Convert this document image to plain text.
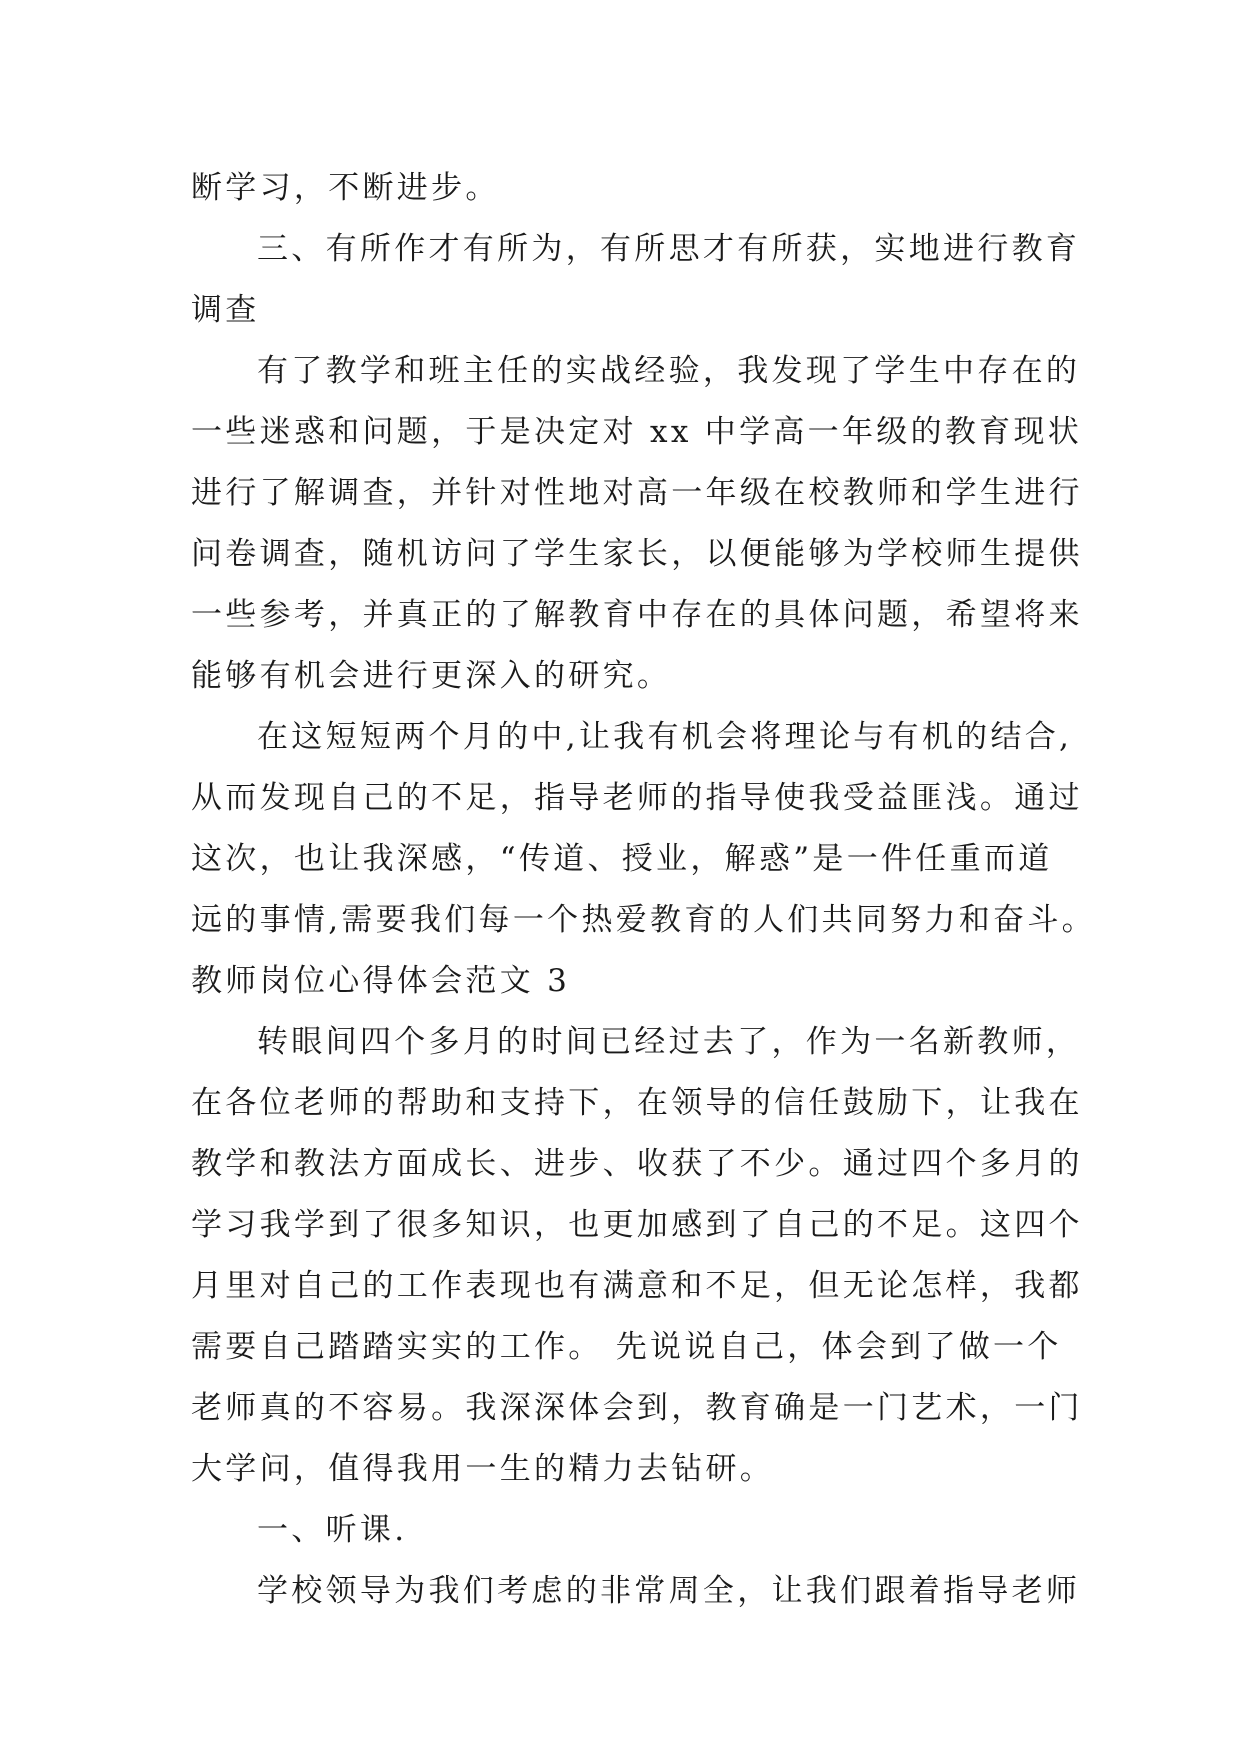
断学习，不断进步。
三、有所作才有所为，有所思才有所获，实地进行教育
调查
有了教学和班主任的实战经验，我发现了学生中存在的
一些迷惑和问题，于是决定对 xx 中学高一年级的教育现状
进行了解调查，并针对性地对高一年级在校教师和学生进行
问卷调查，随机访问了学生家长，以便能够为学校师生提供
一些参考，并真正的了解教育中存在的具体问题，希望将来
能够有机会进行更深入的研究。
在这短短两个月的中,让我有机会将理论与有机的结合,
从而发现自己的不足，指导老师的指导使我受益匪浅。通过
这次，也让我深感，“传道、授业，解惑”是一件任重而道
远的事情,需要我们每一个热爱教育的人们共同努力和奋斗。
教师岗位心得体会范文 3
转眼间四个多月的时间已经过去了，作为一名新教师，
在各位老师的帮助和支持下，在领导的信任鼓励下，让我在
教学和教法方面成长、进步、收获了不少。通过四个多月的
学习我学到了很多知识，也更加感到了自己的不足。这四个
月里对自己的工作表现也有满意和不足，但无论怎样，我都
需要自己踏踏实实的工作。 先说说自己，体会到了做一个
老师真的不容易。我深深体会到，教育确是一门艺术，一门
大学问，值得我用一生的精力去钻研。
一、听课.
学校领导为我们考虑的非常周全，让我们跟着指导老师
